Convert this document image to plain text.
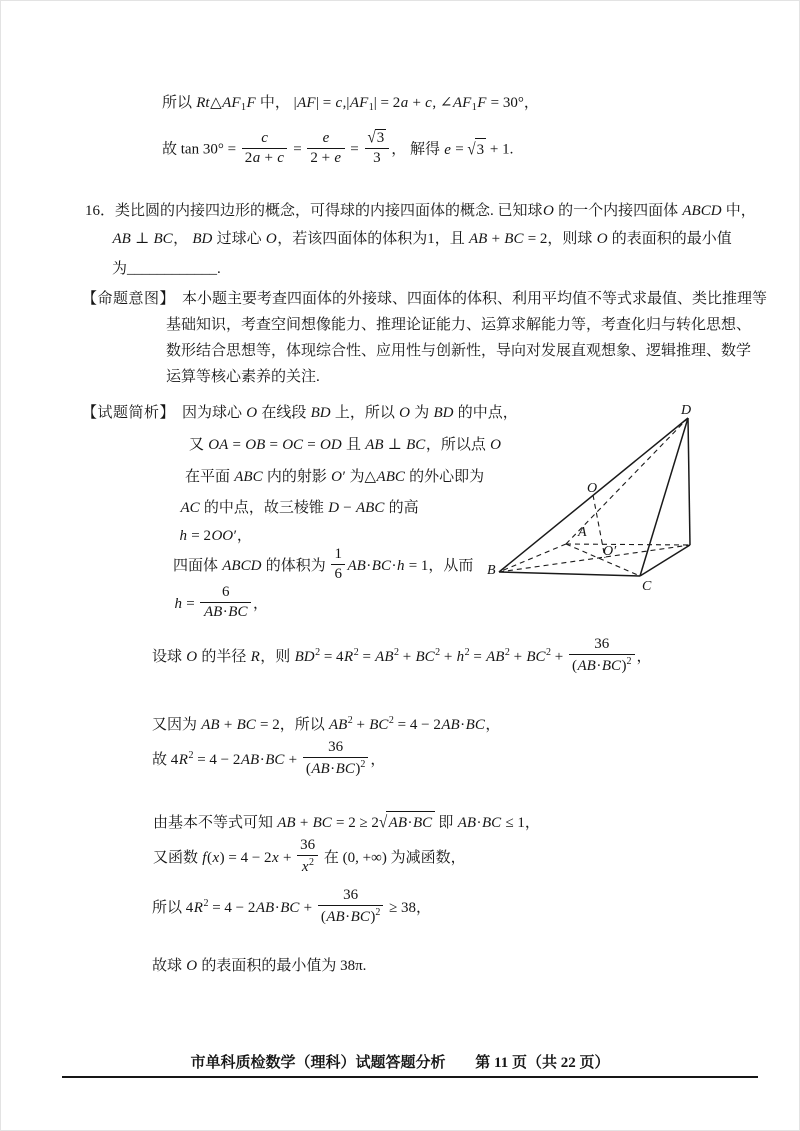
所以 $Rt\triangle AF_1F$ 中， $|AF| = c,|AF_1| = 2a + c$, $\angle AF_1F = 30^\circ$，
故 $\tan 30^\circ = \frac{c}{2a + c} = \frac{e}{2 + e} = \frac{√3}{3}$ ， 解得 e = √3 + 1.
16．类比圆的内接四边形的概念，可得球的内接四面体的概念. 已知球O 的一个内接四面体 ABCD 中，
AB ⊥ BC， BD 过球心 O，若该四面体的体积为1，且 AB + BC = 2，则球 O 的表面积的最小值
为____________.
【命题意图】 本小题主要考查四面体的外接球、四面体的体积、利用平均值不等式求最值、类比推理等
基础知识，考查空间想像能力、推理论证能力、运算求解能力等，考查化归与转化思想、
数形结合思想等，体现综合性、应用性与创新性，导向对发展直观想象、逻辑推理、数学
运算等核心素养的关注.
【试题简析】 因为球心 O 在线段 BD 上，所以 O 为 BD 的中点，
又 OA = OB = OC = OD 且 AB ⊥ BC，所以点 O
在平面 ABC 内的射影 O′ 为△ABC 的外心即为
AC 的中点，故三棱锥 D − ABC 的高
h = 2OO′，
四面体 ABCD 的体积为 $\frac{1}{6} AB\cdot BC\cdot h = 1$，从而
$h = \frac{6}{AB\cdot BC}$ ，
设球 O 的半径 R，则 $BD^2 = 4R^2 = AB^2 + BC^2 + h^2 = AB^2 + BC^2 + \frac{36}{(AB\cdot BC)^2}$ ，
又因为 AB + BC = 2，所以 $AB^2 + BC^2 = 4 - 2AB\cdot BC$，
故 $4R^2 = 4 - 2AB\cdot BC + \frac{36}{(AB\cdot BC)^2}$ ，
由基本不等式可知 AB + BC = 2 ≥ 2√ AB·BC 即 AB·BC ≤ 1，
又函数 $f(x) = 4 - 2x + \frac{36}{x^2}$ 在 (0, +∞) 为减函数，
所以 $4R^2 = 4 - 2AB\cdot BC + \frac{36}{(AB\cdot BC)^2} \ge 38$，
故球 O 的表面积的最小值为 38π.
D
O
A
O′
B
C
市单科质检数学（理科）试题答题分析 第 11 页（共 22 页）
